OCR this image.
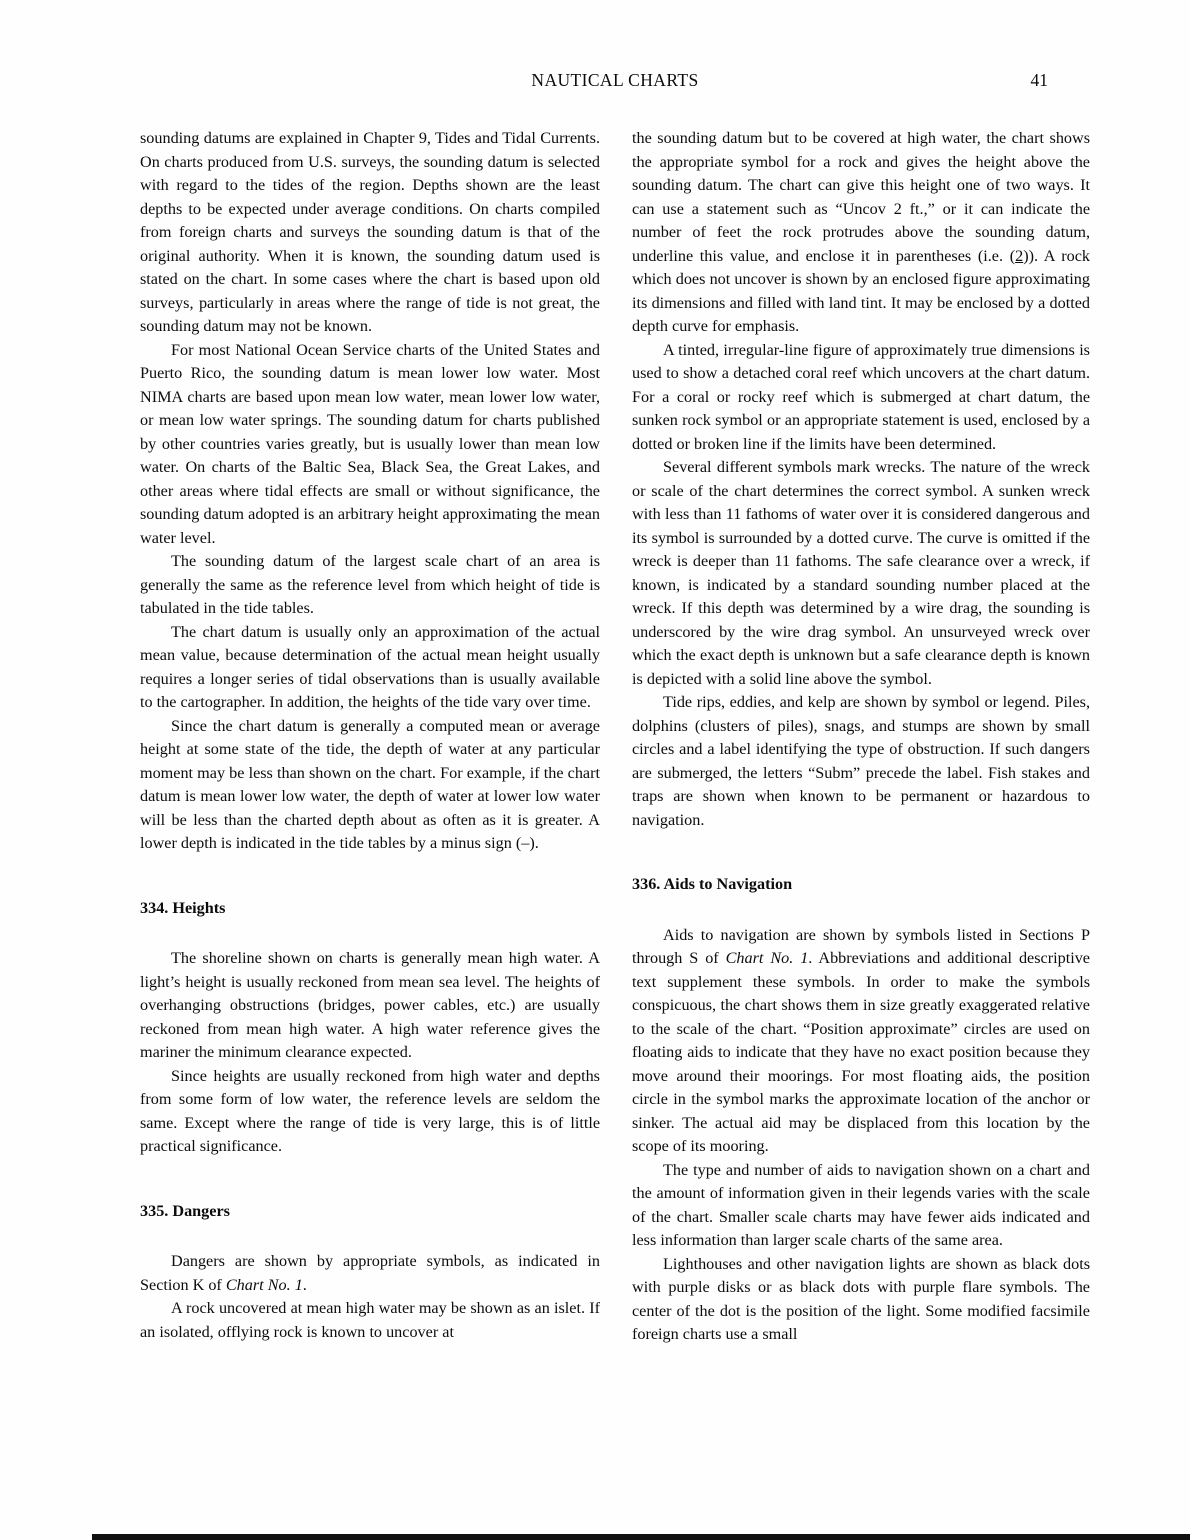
NAUTICAL CHARTS	41

sounding datums are explained in Chapter 9, Tides and Tidal Currents. On charts produced from U.S. surveys, the sounding datum is selected with regard to the tides of the region. Depths shown are the least depths to be expected under average conditions. On charts compiled from foreign charts and surveys the sounding datum is that of the original authority. When it is known, the sounding datum used is stated on the chart. In some cases where the chart is based upon old surveys, particularly in areas where the range of tide is not great, the sounding datum may not be known.

For most National Ocean Service charts of the United States and Puerto Rico, the sounding datum is mean lower low water. Most NIMA charts are based upon mean low water, mean lower low water, or mean low water springs. The sounding datum for charts published by other countries varies greatly, but is usually lower than mean low water. On charts of the Baltic Sea, Black Sea, the Great Lakes, and other areas where tidal effects are small or without significance, the sounding datum adopted is an arbitrary height approximating the mean water level.

The sounding datum of the largest scale chart of an area is generally the same as the reference level from which height of tide is tabulated in the tide tables.

The chart datum is usually only an approximation of the actual mean value, because determination of the actual mean height usually requires a longer series of tidal observations than is usually available to the cartographer. In addition, the heights of the tide vary over time.

Since the chart datum is generally a computed mean or average height at some state of the tide, the depth of water at any particular moment may be less than shown on the chart. For example, if the chart datum is mean lower low water, the depth of water at lower low water will be less than the charted depth about as often as it is greater. A lower depth is indicated in the tide tables by a minus sign (–).

334. Heights

The shoreline shown on charts is generally mean high water. A light’s height is usually reckoned from mean sea level. The heights of overhanging obstructions (bridges, power cables, etc.) are usually reckoned from mean high water. A high water reference gives the mariner the minimum clearance expected.

Since heights are usually reckoned from high water and depths from some form of low water, the reference levels are seldom the same. Except where the range of tide is very large, this is of little practical significance.

335. Dangers

Dangers are shown by appropriate symbols, as indicated in Section K of Chart No. 1.

A rock uncovered at mean high water may be shown as an islet. If an isolated, offlying rock is known to uncover at

the sounding datum but to be covered at high water, the chart shows the appropriate symbol for a rock and gives the height above the sounding datum. The chart can give this height one of two ways. It can use a statement such as “Uncov 2 ft.,” or it can indicate the number of feet the rock protrudes above the sounding datum, underline this value, and enclose it in parentheses (i.e. (2)). A rock which does not uncover is shown by an enclosed figure approximating its dimensions and filled with land tint. It may be enclosed by a dotted depth curve for emphasis.

A tinted, irregular-line figure of approximately true dimensions is used to show a detached coral reef which uncovers at the chart datum. For a coral or rocky reef which is submerged at chart datum, the sunken rock symbol or an appropriate statement is used, enclosed by a dotted or broken line if the limits have been determined.

Several different symbols mark wrecks. The nature of the wreck or scale of the chart determines the correct symbol. A sunken wreck with less than 11 fathoms of water over it is considered dangerous and its symbol is surrounded by a dotted curve. The curve is omitted if the wreck is deeper than 11 fathoms. The safe clearance over a wreck, if known, is indicated by a standard sounding number placed at the wreck. If this depth was determined by a wire drag, the sounding is underscored by the wire drag symbol. An unsurveyed wreck over which the exact depth is unknown but a safe clearance depth is known is depicted with a solid line above the symbol.

Tide rips, eddies, and kelp are shown by symbol or legend. Piles, dolphins (clusters of piles), snags, and stumps are shown by small circles and a label identifying the type of obstruction. If such dangers are submerged, the letters “Subm” precede the label. Fish stakes and traps are shown when known to be permanent or hazardous to navigation.

336. Aids to Navigation

Aids to navigation are shown by symbols listed in Sections P through S of Chart No. 1. Abbreviations and additional descriptive text supplement these symbols. In order to make the symbols conspicuous, the chart shows them in size greatly exaggerated relative to the scale of the chart. “Position approximate” circles are used on floating aids to indicate that they have no exact position because they move around their moorings. For most floating aids, the position circle in the symbol marks the approximate location of the anchor or sinker. The actual aid may be displaced from this location by the scope of its mooring.

The type and number of aids to navigation shown on a chart and the amount of information given in their legends varies with the scale of the chart. Smaller scale charts may have fewer aids indicated and less information than larger scale charts of the same area.

Lighthouses and other navigation lights are shown as black dots with purple disks or as black dots with purple flare symbols. The center of the dot is the position of the light. Some modified facsimile foreign charts use a small
